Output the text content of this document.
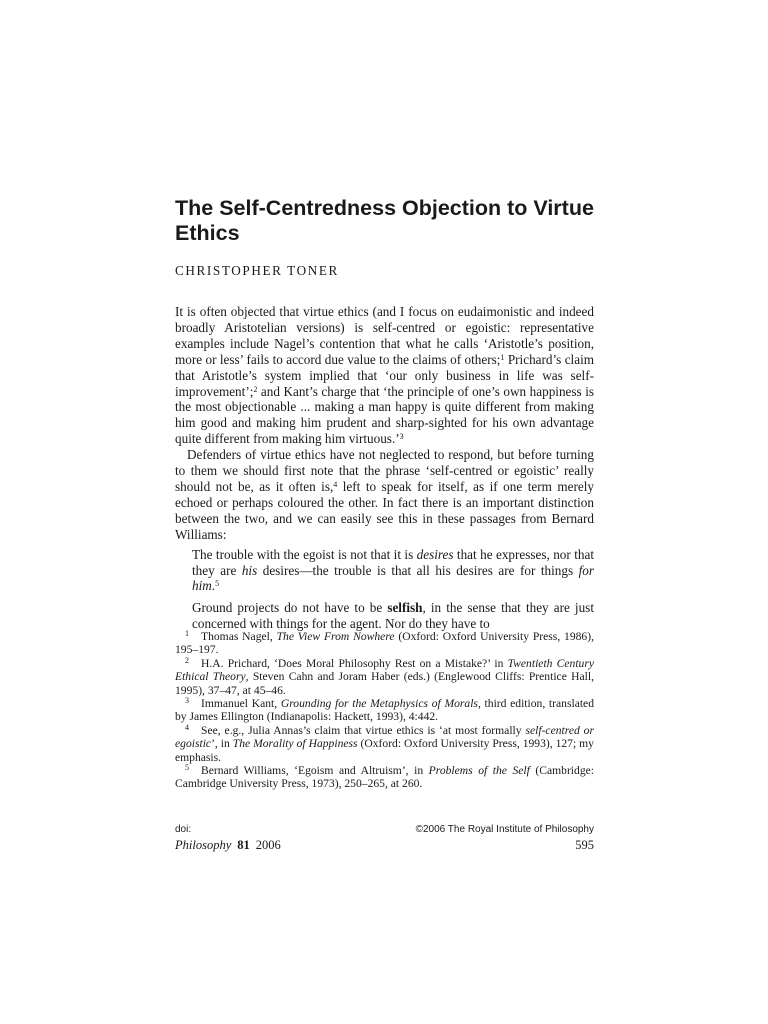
The Self-Centredness Objection to Virtue Ethics
CHRISTOPHER TONER

It is often objected that virtue ethics (and I focus on eudaimonistic and indeed broadly Aristotelian versions) is self-centred or egoistic: representative examples include Nagel’s contention that what he calls ‘Aristotle’s position, more or less’ fails to accord due value to the claims of others;$^1$ Prichard’s claim that Aristotle’s system implied that ‘our only business in life was self-improvement’;$^2$ and Kant’s charge that ‘the principle of one’s own happiness is the most objectionable ... making a man happy is quite different from making him good and making him prudent and sharp-sighted for his own advantage quite different from making him virtuous.’$^3$

Defenders of virtue ethics have not neglected to respond, but before turning to them we should first note that the phrase ‘self-centred or egoistic’ really should not be, as it often is,$^4$ left to speak for itself, as if one term merely echoed or perhaps coloured the other. In fact there is an important distinction between the two, and we can easily see this in these passages from Bernard Williams:

The trouble with the egoist is not that it is desires that he expresses, nor that they are his desires—the trouble is that all his desires are for things for him.$^5$
Ground projects do not have to be selfish, in the sense that they are just concerned with things for the agent. Nor do they have to

$^1$ Thomas Nagel, The View From Nowhere (Oxford: Oxford University Press, 1986), 195–197.

$^2$ H.A. Prichard, ‘Does Moral Philosophy Rest on a Mistake?’ in Twentieth Century Ethical Theory, Steven Cahn and Joram Haber (eds.) (Englewood Cliffs: Prentice Hall, 1995), 37–47, at 45–46.

$^3$ Immanuel Kant, Grounding for the Metaphysics of Morals, third edition, translated by James Ellington (Indianapolis: Hackett, 1993), 4:442.

$^4$ See, e.g., Julia Annas’s claim that virtue ethics is ‘at most formally self-centred or egoistic’, in The Morality of Happiness (Oxford: Oxford University Press, 1993), 127; my emphasis.

$^5$ Bernard Williams, ‘Egoism and Altruism’, in Problems of the Self (Cambridge: Cambridge University Press, 1973), 250–265, at 260.

doi:	©2006 The Royal Institute of Philosophy
Philosophy 81 2006	595
